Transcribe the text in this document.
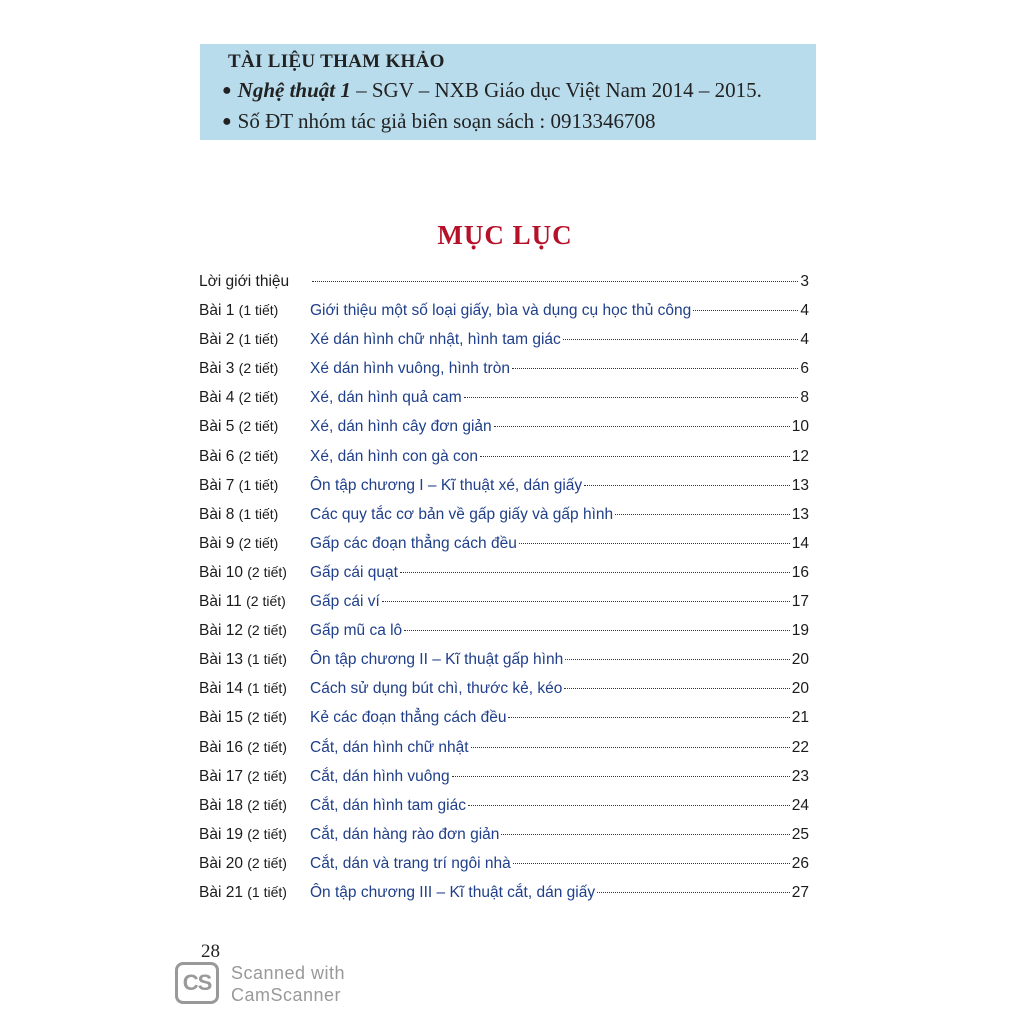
TÀI LIỆU THAM KHẢO
● Nghệ thuật 1 – SGV – NXB Giáo dục Việt Nam 2014 – 2015.
● Số ĐT nhóm tác giả biên soạn sách : 0913346708
MỤC LỤC
Lời giới thiệu	3
Bài 1 (1 tiết) Giới thiệu một số loại giấy, bìa và dụng cụ học thủ công	4
Bài 2 (1 tiết) Xé dán hình chữ nhật, hình tam giác	4
Bài 3 (2 tiết) Xé dán hình vuông, hình tròn	6
Bài 4 (2 tiết) Xé, dán hình quả cam	8
Bài 5 (2 tiết) Xé, dán hình cây đơn giản	10
Bài 6 (2 tiết) Xé, dán hình con gà con	12
Bài 7 (1 tiết) Ôn tập chương I – Kĩ thuật xé, dán giấy	13
Bài 8 (1 tiết) Các quy tắc cơ bản về gấp giấy và gấp hình	13
Bài 9 (2 tiết) Gấp các đoạn thẳng cách đều	14
Bài 10 (2 tiết) Gấp cái quạt	16
Bài 11 (2 tiết) Gấp cái ví	17
Bài 12 (2 tiết) Gấp mũ ca lô	19
Bài 13 (1 tiết) Ôn tập chương II – Kĩ thuật gấp hình	20
Bài 14 (1 tiết) Cách sử dụng bút chì, thước kẻ, kéo	20
Bài 15 (2 tiết) Kẻ các đoạn thẳng cách đều	21
Bài 16 (2 tiết) Cắt, dán hình chữ nhật	22
Bài 17 (2 tiết) Cắt, dán hình vuông	23
Bài 18 (2 tiết) Cắt, dán hình tam giác	24
Bài 19 (2 tiết) Cắt, dán hàng rào đơn giản	25
Bài 20 (2 tiết) Cắt, dán và trang trí ngôi nhà	26
Bài 21 (1 tiết) Ôn tập chương III – Kĩ thuật cắt, dán giấy	27
28
CS	Scanned with
CamScanner
